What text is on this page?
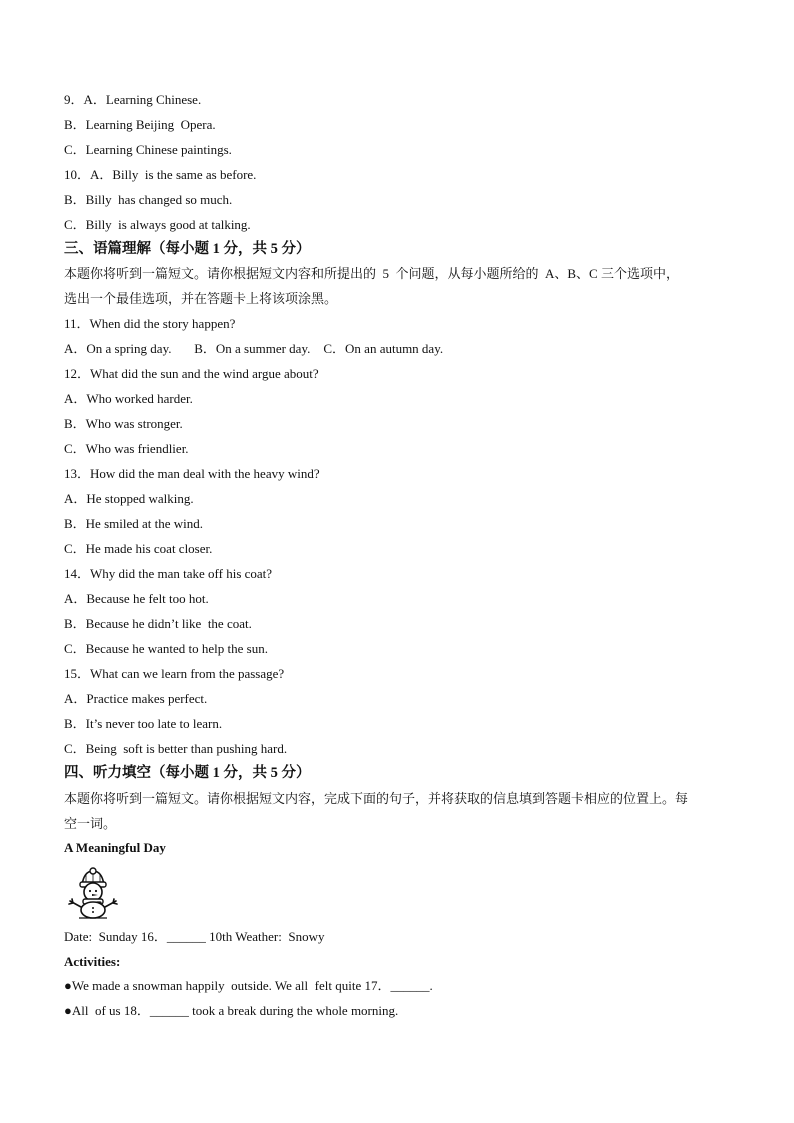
9．A．Learning Chinese.
B．Learning Beijing  Opera.
C．Learning Chinese paintings.
10．A．Billy  is the same as before.
B．Billy  has changed so much.
C．Billy  is always good at talking.
三、语篇理解（每小题 1 分，共 5 分）
本题你将听到一篇短文。请你根据短文内容和所提出的  5  个问题，从每小题所给的  A、B、C 三个选项中，
选出一个最佳选项，并在答题卡上将该项涂黑。
11．When did the story happen?
A．On a spring day.       B．On a summer day.    C．On an autumn day.
12．What did the sun and the wind argue about?
A．Who worked harder.
B．Who was stronger.
C．Who was friendlier.
13．How did the man deal with the heavy wind?
A．He stopped walking.
B．He smiled at the wind.
C．He made his coat closer.
14．Why did the man take off his coat?
A．Because he felt too hot.
B．Because he didn’t like  the coat.
C．Because he wanted to help the sun.
15．What can we learn from the passage?
A．Practice makes perfect.
B．It’s never too late to learn.
C．Being  soft is better than pushing hard.
四、听力填空（每小题 1 分，共 5 分）
本题你将听到一篇短文。请你根据短文内容，完成下面的句子，并将获取的信息填到答题卡相应的位置上。每
空一词。
A Meaningful Day
Date:  Sunday 16．______ 10th Weather:  Snowy
Activities:
●We made a snowman happily  outside. We all  felt quite 17．______.
●All  of us 18．______ took a break during the whole morning.
